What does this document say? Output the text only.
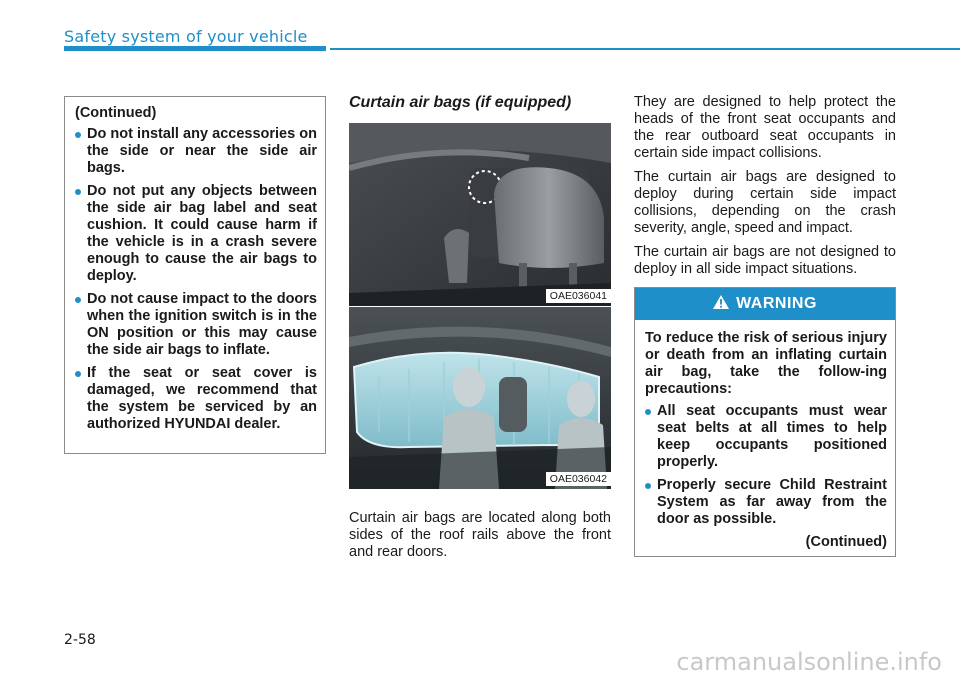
Safety system of your vehicle
(Continued)
Do not install any accessories on the side or near the side air bags.
Do not put any objects between the side air bag label and seat cushion. It could cause harm if the vehicle is in a crash severe enough to cause the air bags to deploy.
Do not cause impact to the doors when the ignition switch is in the ON position or this may cause the side air bags to inflate.
If the seat or seat cover is damaged, we recommend that the system be serviced by an authorized HYUNDAI dealer.
Curtain air bags (if equipped)
OAE036041
OAE036042

Curtain air bags are located along both sides of the roof rails above the front and rear doors.

They are designed to help protect the heads of the front seat occupants and the rear outboard seat occupants in certain side impact collisions.

The curtain air bags are designed to deploy during certain side impact collisions, depending on the crash severity, angle, speed and impact.

The curtain air bags are not designed to deploy in all side impact situations.

WARNING

To reduce the risk of serious injury or death from an inflating curtain air bag, take the follow-ing precautions:

All seat occupants must wear seat belts at all times to help keep occupants positioned properly.
Properly secure Child Restraint System as far away from the door as possible.
(Continued)
2-58
carmanualsonline.info
